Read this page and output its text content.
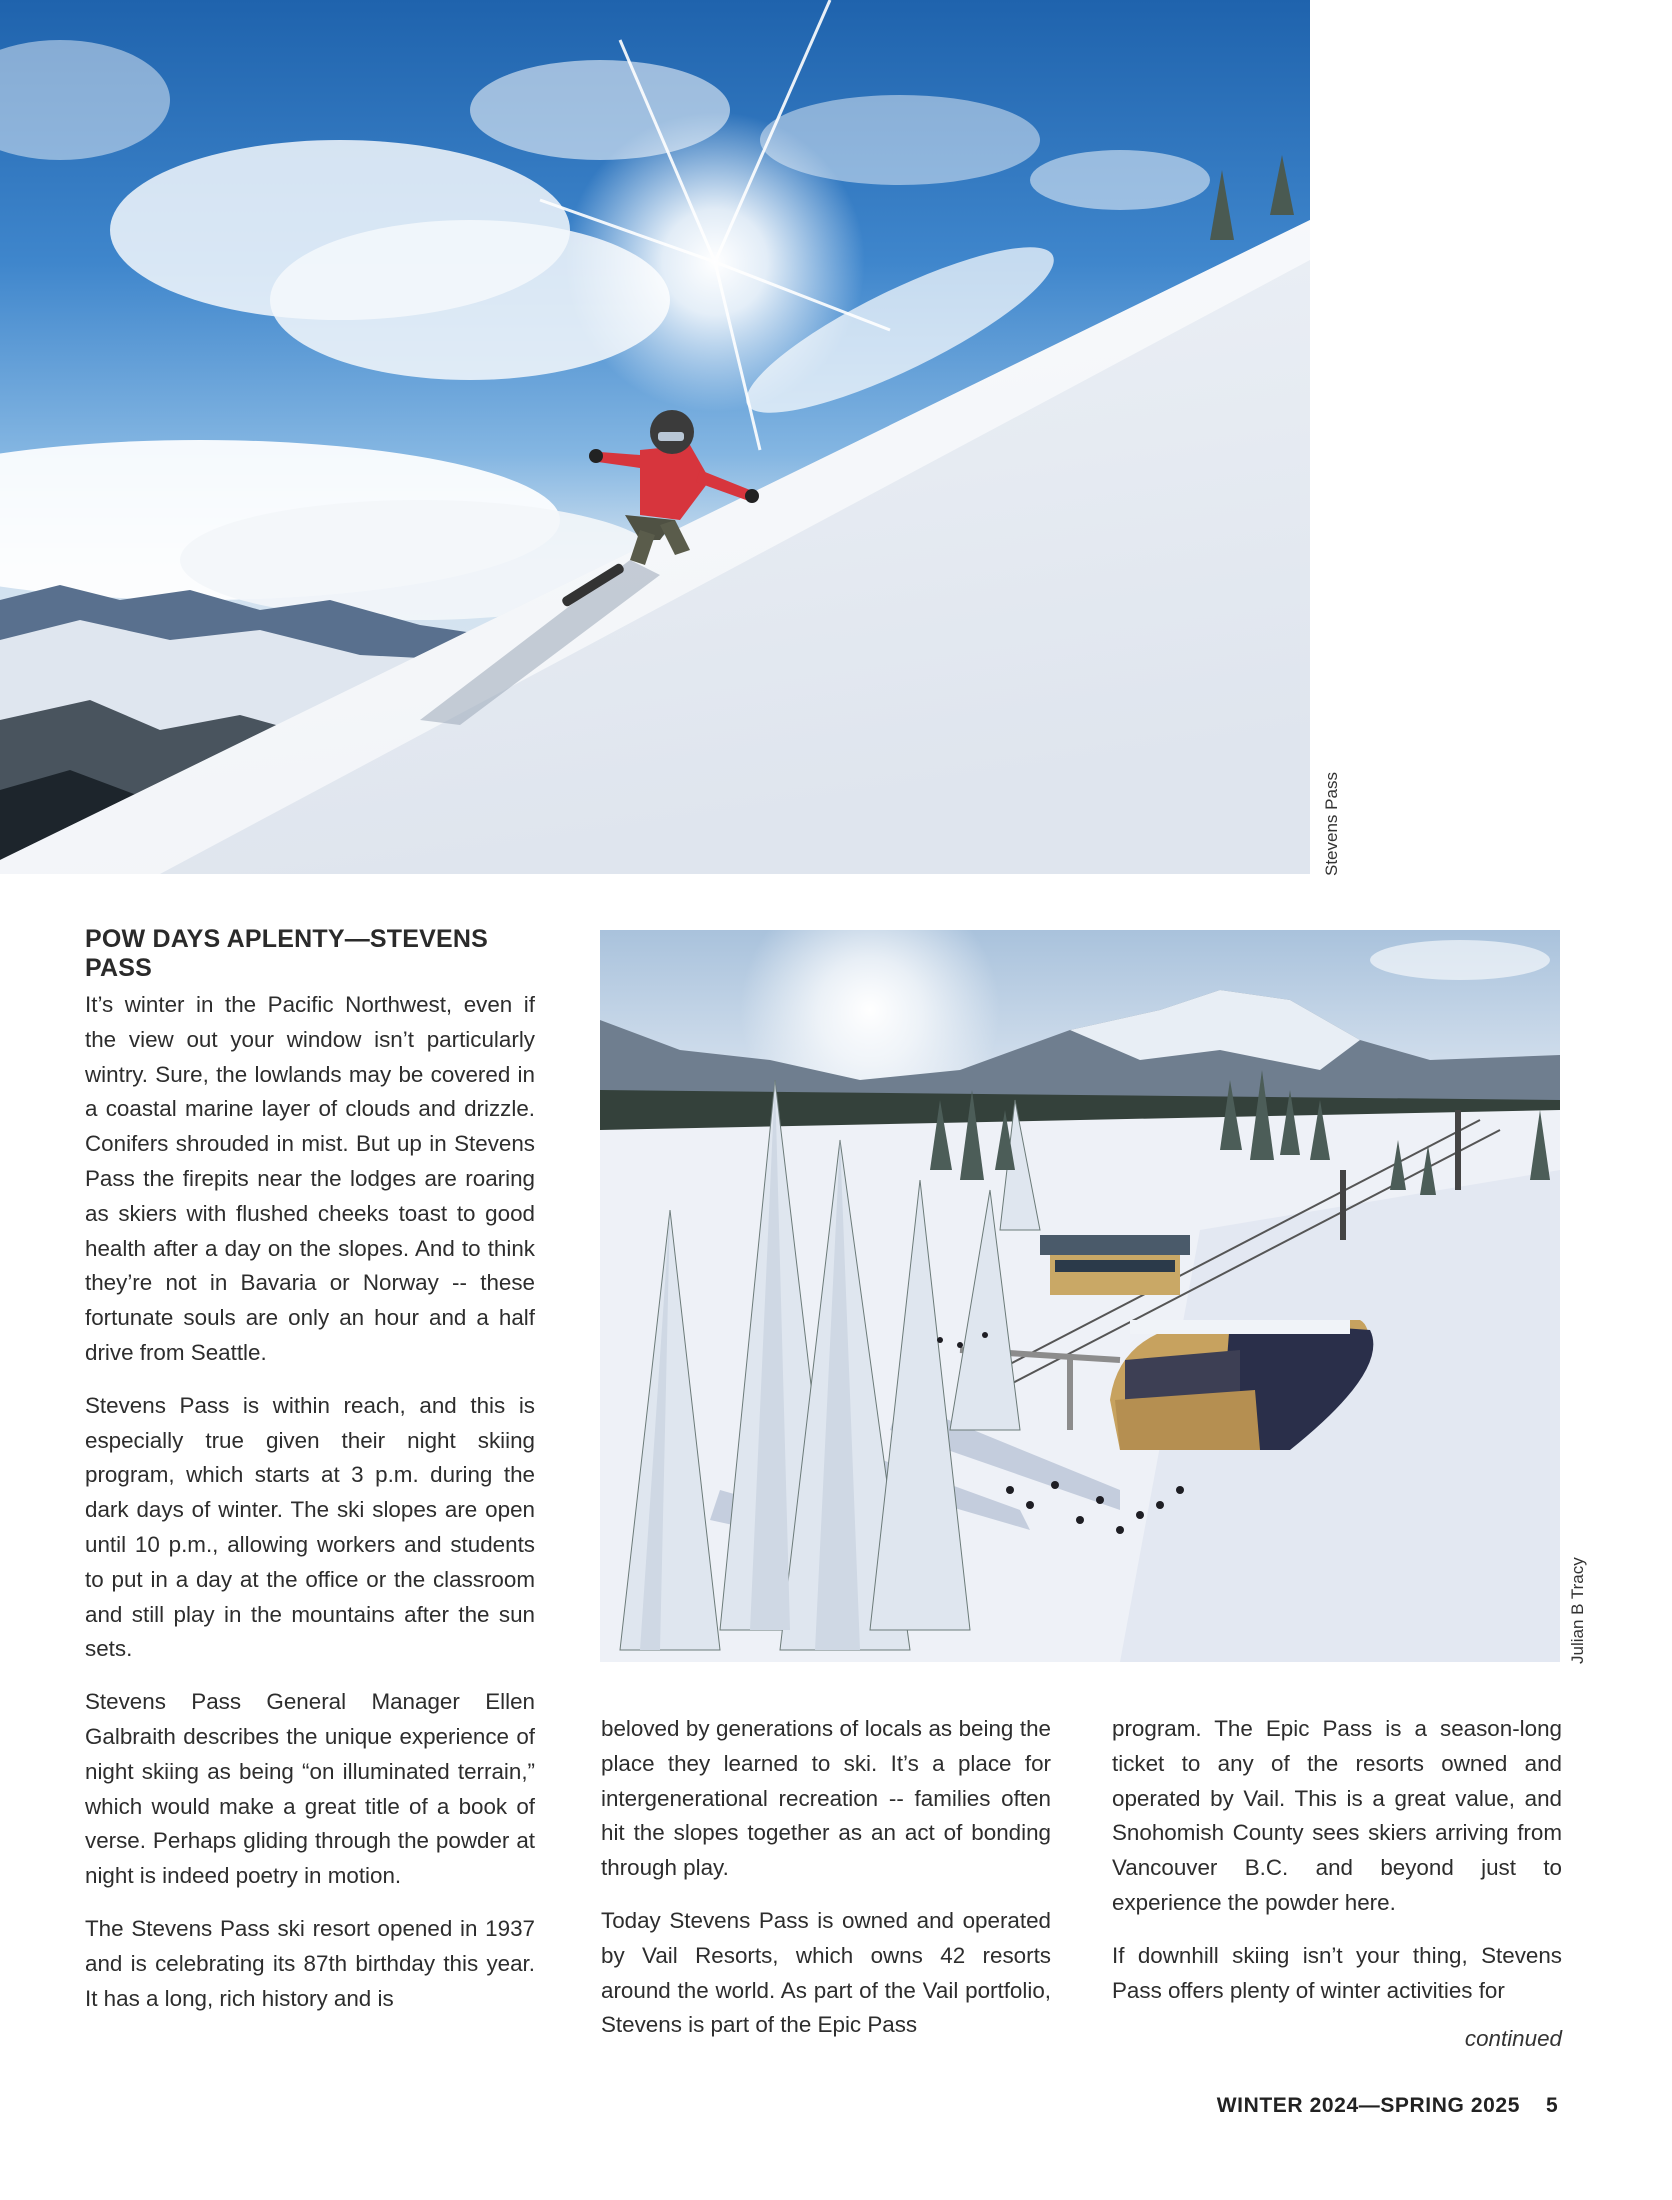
Stevens Pass
POW DAYS APLENTY—STEVENS PASS

It’s winter in the Pacific Northwest, even if the view out your window isn’t particularly wintry. Sure, the lowlands may be covered in a coastal marine layer of clouds and drizzle. Conifers shrouded in mist. But up in Stevens Pass the firepits near the lodges are roaring as skiers with flushed cheeks toast to good health after a day on the slopes. And to think they’re not in Bavaria or Norway -- these fortunate souls are only an hour and a half drive from Seattle.

Stevens Pass is within reach, and this is especially true given their night skiing program, which starts at 3 p.m. during the dark days of winter. The ski slopes are open until 10 p.m., allowing workers and students to put in a day at the office or the classroom and still play in the mountains after the sun sets.

Stevens Pass General Manager Ellen Galbraith describes the unique experience of night skiing as being “on illuminated terrain,” which would make a great title of a book of verse. Perhaps gliding through the powder at night is indeed poetry in motion.

The Stevens Pass ski resort opened in 1937 and is celebrating its 87th birthday this year. It has a long, rich history and is

Julian B Tracy

beloved by generations of locals as being the place they learned to ski. It’s a place for intergenerational recreation -- families often hit the slopes together as an act of bonding through play.

Today Stevens Pass is owned and operated by Vail Resorts, which owns 42 resorts around the world. As part of the Vail portfolio, Stevens is part of the Epic Pass

program. The Epic Pass is a season-long ticket to any of the resorts owned and operated by Vail. This is a great value, and Snohomish County sees skiers arriving from Vancouver B.C. and beyond just to experience the powder here.

If downhill skiing isn’t your thing, Stevens Pass offers plenty of winter activities for

continued
WINTER 2024—SPRING 2025 5
